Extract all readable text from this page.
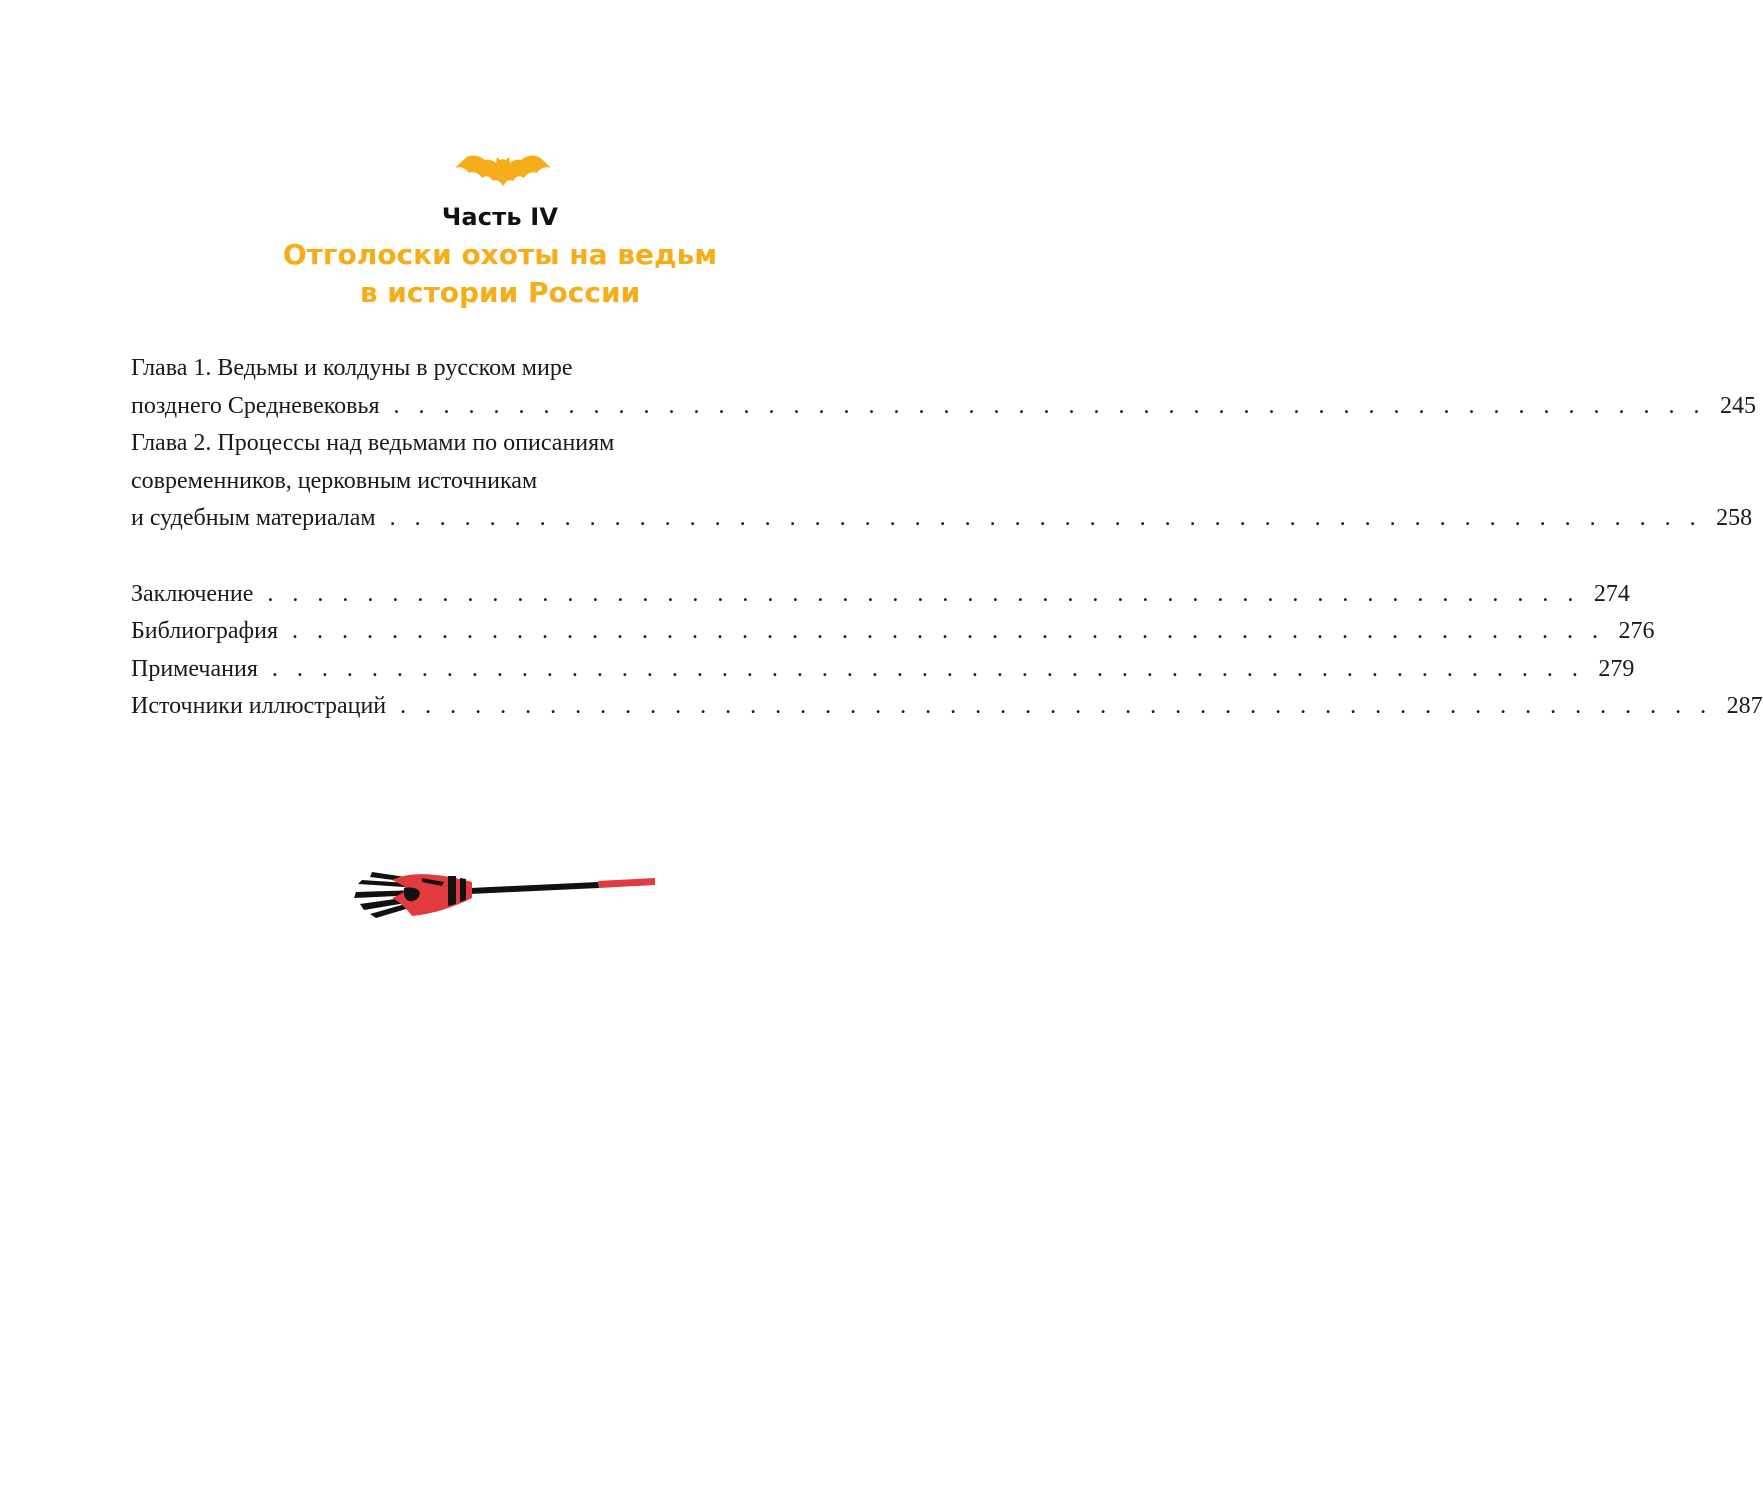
Часть IV
Отголоски охоты на ведьм
в истории России
Глава 1. Ведьмы и колдуны в русском мире
позднего Средневековья . . . . . . . . . . . . . . . . . . . . . . . . . . . . . . . . . . . . . . . . . . . . . . . . . . . . . 245
Глава 2. Процессы над ведьмами по описаниям
современников, церковным источникам
и судебным материалам . . . . . . . . . . . . . . . . . . . . . . . . . . . . . . . . . . . . . . . . . . . . . . . . . . . . . 258
Заключение . . . . . . . . . . . . . . . . . . . . . . . . . . . . . . . . . . . . . . . . . . . . . . . . . . . . . 274
Библиография . . . . . . . . . . . . . . . . . . . . . . . . . . . . . . . . . . . . . . . . . . . . . . . . . . . . . 276
Примечания . . . . . . . . . . . . . . . . . . . . . . . . . . . . . . . . . . . . . . . . . . . . . . . . . . . . . 279
Источники иллюстраций . . . . . . . . . . . . . . . . . . . . . . . . . . . . . . . . . . . . . . . . . . . . . . . . . . . . . 287
